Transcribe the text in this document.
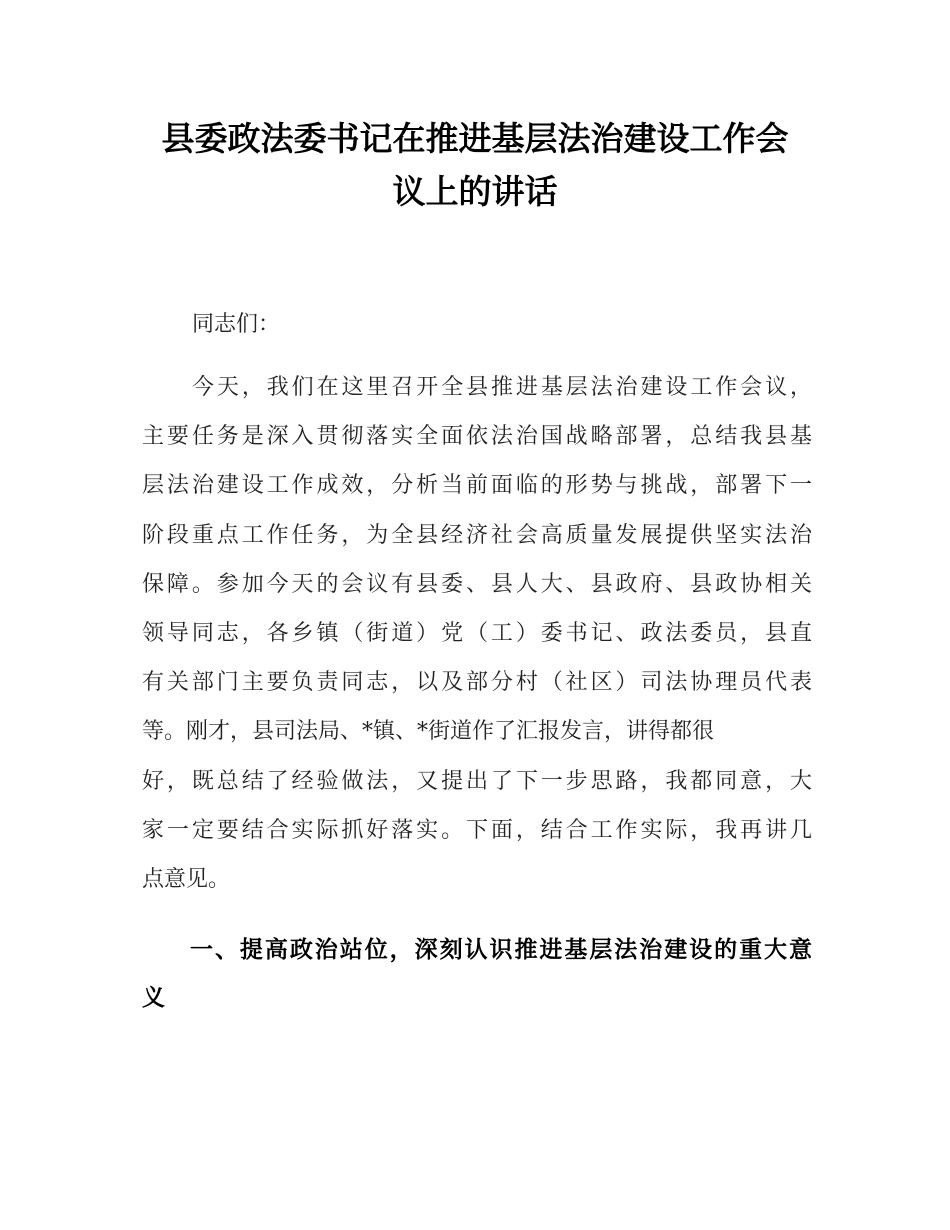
县委政法委书记在推进基层法治建设工作会
议上的讲话

同志们：

今天，我们在这里召开全县推进基层法治建设工作会议，
主要任务是深入贯彻落实全面依法治国战略部署，总结我县基
层法治建设工作成效，分析当前面临的形势与挑战，部署下一
阶段重点工作任务，为全县经济社会高质量发展提供坚实法治
保障。参加今天的会议有县委、县人大、县政府、县政协相关
领导同志，各乡镇（街道）党（工）委书记、政法委员，县直
有关部门主要负责同志，以及部分村（社区）司法协理员代表
等。刚才，县司法局、*镇、*街道作了汇报发言，讲得都很
好，既总结了经验做法，又提出了下一步思路，我都同意，大
家一定要结合实际抓好落实。下面，结合工作实际，我再讲几
点意见。
一、提高政治站位，深刻认识推进基层法治建设的重大意
义
